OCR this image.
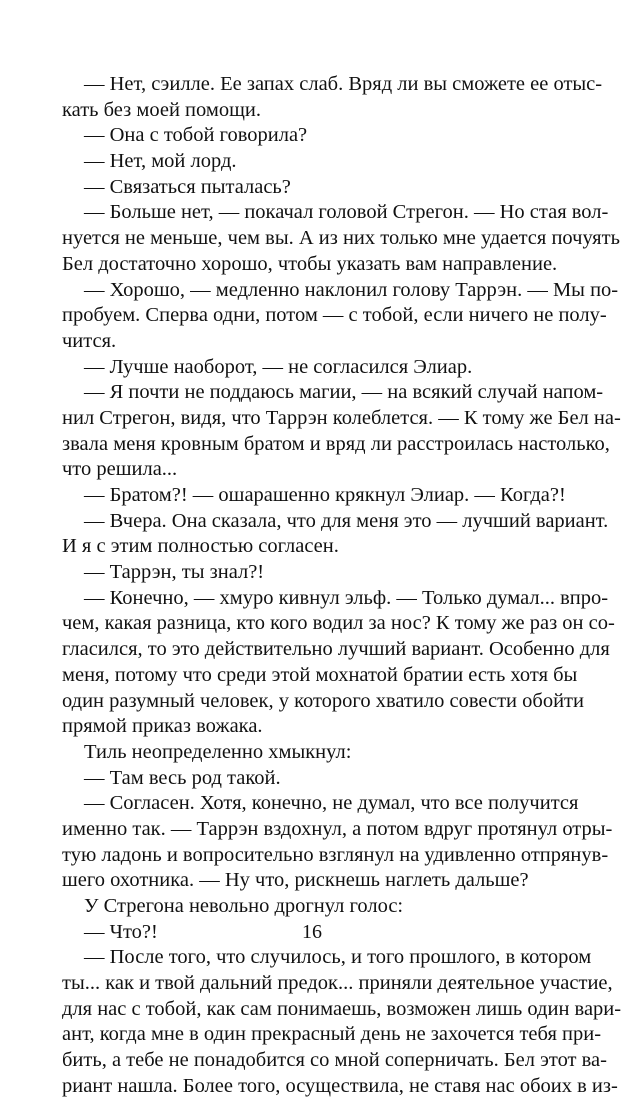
— Нет, сэилле. Ее запах слаб. Вряд ли вы сможете ее отыс-
кать без моей помощи.
— Она с тобой говорила?
— Нет, мой лорд.
— Связаться пыталась?
— Больше нет, — покачал головой Стрегон. — Но стая вол-
нуется не меньше, чем вы. А из них только мне удается почуять
Бел достаточно хорошо, чтобы указать вам направление.
— Хорошо, — медленно наклонил голову Таррэн. — Мы по-
пробуем. Сперва одни, потом — с тобой, если ничего не полу-
чится.
— Лучше наоборот, — не согласился Элиар.
— Я почти не поддаюсь магии, — на всякий случай напом-
нил Стрегон, видя, что Таррэн колеблется. — К тому же Бел на-
звала меня кровным братом и вряд ли расстроилась настолько,
что решила...
— Братом?! — ошарашенно крякнул Элиар. — Когда?!
— Вчера. Она сказала, что для меня это — лучший вариант.
И я с этим полностью согласен.
— Таррэн, ты знал?!
— Конечно, — хмуро кивнул эльф. — Только думал... впро-
чем, какая разница, кто кого водил за нос? К тому же раз он со-
гласился, то это действительно лучший вариант. Особенно для
меня, потому что среди этой мохнатой братии есть хотя бы
один разумный человек, у которого хватило совести обойти
прямой приказ вожака.
Тиль неопределенно хмыкнул:
— Там весь род такой.
— Согласен. Хотя, конечно, не думал, что все получится
именно так. — Таррэн вздохнул, а потом вдруг протянул отры-
тую ладонь и вопросительно взглянул на удивленно отпрянув-
шего охотника. — Ну что, рискнешь наглеть дальше?
У Стрегона невольно дрогнул голос:
— Что?!
— После того, что случилось, и того прошлого, в котором
ты... как и твой дальний предок... приняли деятельное участие,
для нас с тобой, как сам понимаешь, возможен лишь один вари-
ант, когда мне в один прекрасный день не захочется тебя при-
бить, а тебе не понадобится со мной соперничать. Бел этот ва-
риант нашла. Более того, осуществила, не ставя нас обоих в из-
16
